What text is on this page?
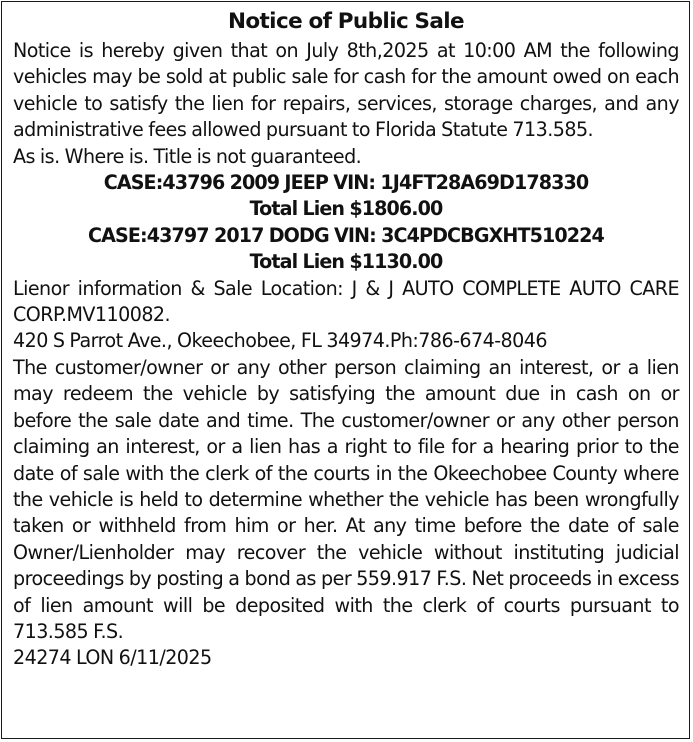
Notice of Public Sale

Notice is hereby given that on July 8th,2025 at 10:00 AM the following vehicles may be sold at public sale for cash for the amount owed on each vehicle to satisfy the lien for repairs, services, storage charges, and any administrative fees allowed pursuant to Florida Statute 713.585.

As is. Where is. Title is not guaranteed.

CASE:43796 2009 JEEP VIN: 1J4FT28A69D178330

Total Lien $1806.00

CASE:43797 2017 DODG VIN: 3C4PDCBGXHT510224

Total Lien $1130.00

Lienor information & Sale Location: J & J AUTO COMPLETE AUTO CARE CORP.MV110082.

420 S Parrot Ave., Okeechobee, FL 34974.Ph:786-674-8046

The customer/owner or any other person claiming an interest, or a lien may redeem the vehicle by satisfying the amount due in cash on or before the sale date and time. The customer/owner or any other person claiming an interest, or a lien has a right to file for a hearing prior to the date of sale with the clerk of the courts in the Okeechobee County where the vehicle is held to determine whether the vehicle has been wrongfully taken or withheld from him or her. At any time before the date of sale Owner/Lienholder may recover the vehicle without instituting judicial proceedings by posting a bond as per 559.917 F.S. Net proceeds in excess of lien amount will be deposited with the clerk of courts pursuant to 713.585 F.S.

24274 LON 6/11/2025
